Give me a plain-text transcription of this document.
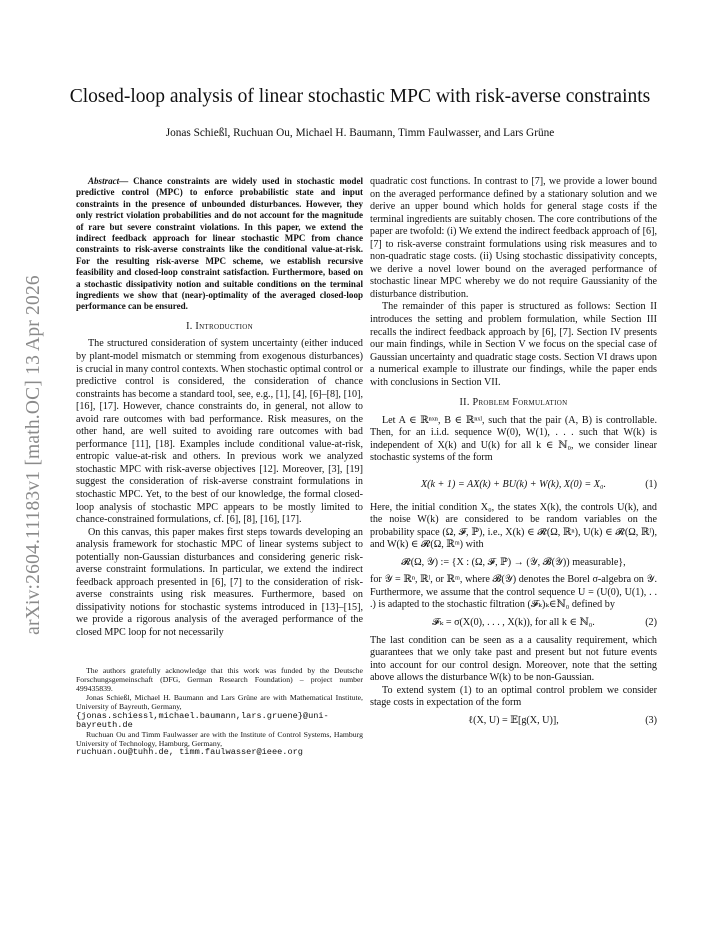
arXiv:2604.11183v1 [math.OC] 13 Apr 2026
Closed-loop analysis of linear stochastic MPC with risk-averse constraints
Jonas Schießl, Ruchuan Ou, Michael H. Baumann, Timm Faulwasser, and Lars Grüne

Abstract— Chance constraints are widely used in stochastic model predictive control (MPC) to enforce probabilistic state and input constraints in the presence of unbounded disturbances. However, they only restrict violation probabilities and do not account for the magnitude of rare but severe constraint violations. In this paper, we extend the indirect feedback approach for linear stochastic MPC from chance constraints to risk-averse constraints like the conditional value-at-risk. For the resulting risk-averse MPC scheme, we establish recursive feasibility and closed-loop constraint satisfaction. Furthermore, based on a stochastic dissipativity notion and suitable conditions on the terminal ingredients we show that (near)-optimality of the averaged closed-loop performance can be ensured.

I. Introduction

The structured consideration of system uncertainty (either induced by plant-model mismatch or stemming from exogenous disturbances) is crucial in many control contexts. When stochastic optimal control or predictive control is considered, the consideration of chance constraints has become a standard tool, see, e.g., [1], [4], [6]–[8], [10], [16], [17]. However, chance constraints do, in general, not allow to avoid rare outcomes with bad performance. Risk measures, on the other hand, are well suited to avoiding rare outcomes with bad performance [11], [18]. Examples include conditional value-at-risk, entropic value-at-risk and others. In previous work we analyzed stochastic MPC with risk-averse objectives [12]. Moreover, [3], [19] suggest the consideration of risk-averse constraint formulations in stochastic MPC. Yet, to the best of our knowledge, the formal closed-loop analysis of stochastic MPC appears to be mostly limited to chance-constrained formulations, cf. [6], [8], [16], [17].

On this canvas, this paper makes first steps towards developing an analysis framework for stochastic MPC of linear systems subject to potentially non-Gaussian disturbances and considering generic risk-averse constraint formulations. In particular, we extend the indirect feedback approach presented in [6], [7] to the consideration of risk-averse constraints using risk measures. Furthermore, based on dissipativity notions for stochastic systems introduced in [13]–[15], we provide a rigorous analysis of the averaged performance of the closed MPC loop for not necessarily

The authors gratefully acknowledge that this work was funded by the Deutsche Forschungsgemeinschaft (DFG, German Research Foundation) – project number 499435839.

Jonas Schießl, Michael H. Baumann and Lars Grüne are with Mathematical Institute, University of Bayreuth, Germany,

{jonas.schiessl,michael.baumann,lars.gruene}@uni-bayreuth.de

Ruchuan Ou and Timm Faulwasser are with the Institute of Control Systems, Hamburg University of Technology, Hamburg, Germany,

ruchuan.ou@tuhh.de, timm.faulwasser@ieee.org

quadratic cost functions. In contrast to [7], we provide a lower bound on the averaged performance defined by a stationary solution and we derive an upper bound which holds for general stage costs if the terminal ingredients are suitably chosen. The core contributions of the paper are twofold: (i) We extend the indirect feedback approach of [6], [7] to risk-averse constraint formulations using risk measures and to non-quadratic stage costs. (ii) Using stochastic dissipativity concepts, we derive a novel lower bound on the averaged performance of stochastic linear MPC whereby we do not require Gaussianity of the disturbance distribution.

The remainder of this paper is structured as follows: Section II introduces the setting and problem formulation, while Section III recalls the indirect feedback approach by [6], [7]. Section IV presents our main findings, while in Section V we focus on the special case of Gaussian uncertainty and quadratic stage costs. Section VI draws upon a numerical example to illustrate our findings, while the paper ends with conclusions in Section VII.

II. Problem Formulation

Let A ∈ ℝⁿˣⁿ, B ∈ ℝⁿˣˡ, such that the pair (A, B) is controllable. Then, for an i.i.d. sequence W(0), W(1), . . . such that W(k) is independent of X(k) and U(k) for all k ∈ ℕ₀, we consider linear stochastic systems of the form

X(k + 1) = AX(k) + BU(k) + W(k), X(0) = X₀.	(1)

Here, the initial condition X₀, the states X(k), the controls U(k), and the noise W(k) are considered to be random variables on the probability space (Ω, 𝓕, ℙ), i.e., X(k) ∈ 𝓡(Ω, ℝⁿ), U(k) ∈ 𝓡(Ω, ℝˡ), and W(k) ∈ 𝓡(Ω, ℝᵐ) with

𝓡(Ω, 𝒴) := {X : (Ω, 𝓕, ℙ) → (𝒴, 𝓑(𝒴)) measurable},

for 𝒴 = ℝⁿ, ℝˡ, or ℝᵐ, where 𝓑(𝒴) denotes the Borel σ-algebra on 𝒴. Furthermore, we assume that the control sequence U = (U(0), U(1), . . .) is adapted to the stochastic filtration (𝓕ₖ)ₖ∈ℕ₀ defined by

𝓕ₖ = σ(X(0), . . . , X(k)), for all k ∈ ℕ₀.	(2)

The last condition can be seen as a a causality requirement, which guarantees that we only take past and present but not future events into account for our control design. Moreover, note that the setting above allows the disturbance W(k) to be non-Gaussian.

To extend system (1) to an optimal control problem we consider stage costs in expectation of the form

ℓ(X, U) = 𝔼[g(X, U)],	(3)
